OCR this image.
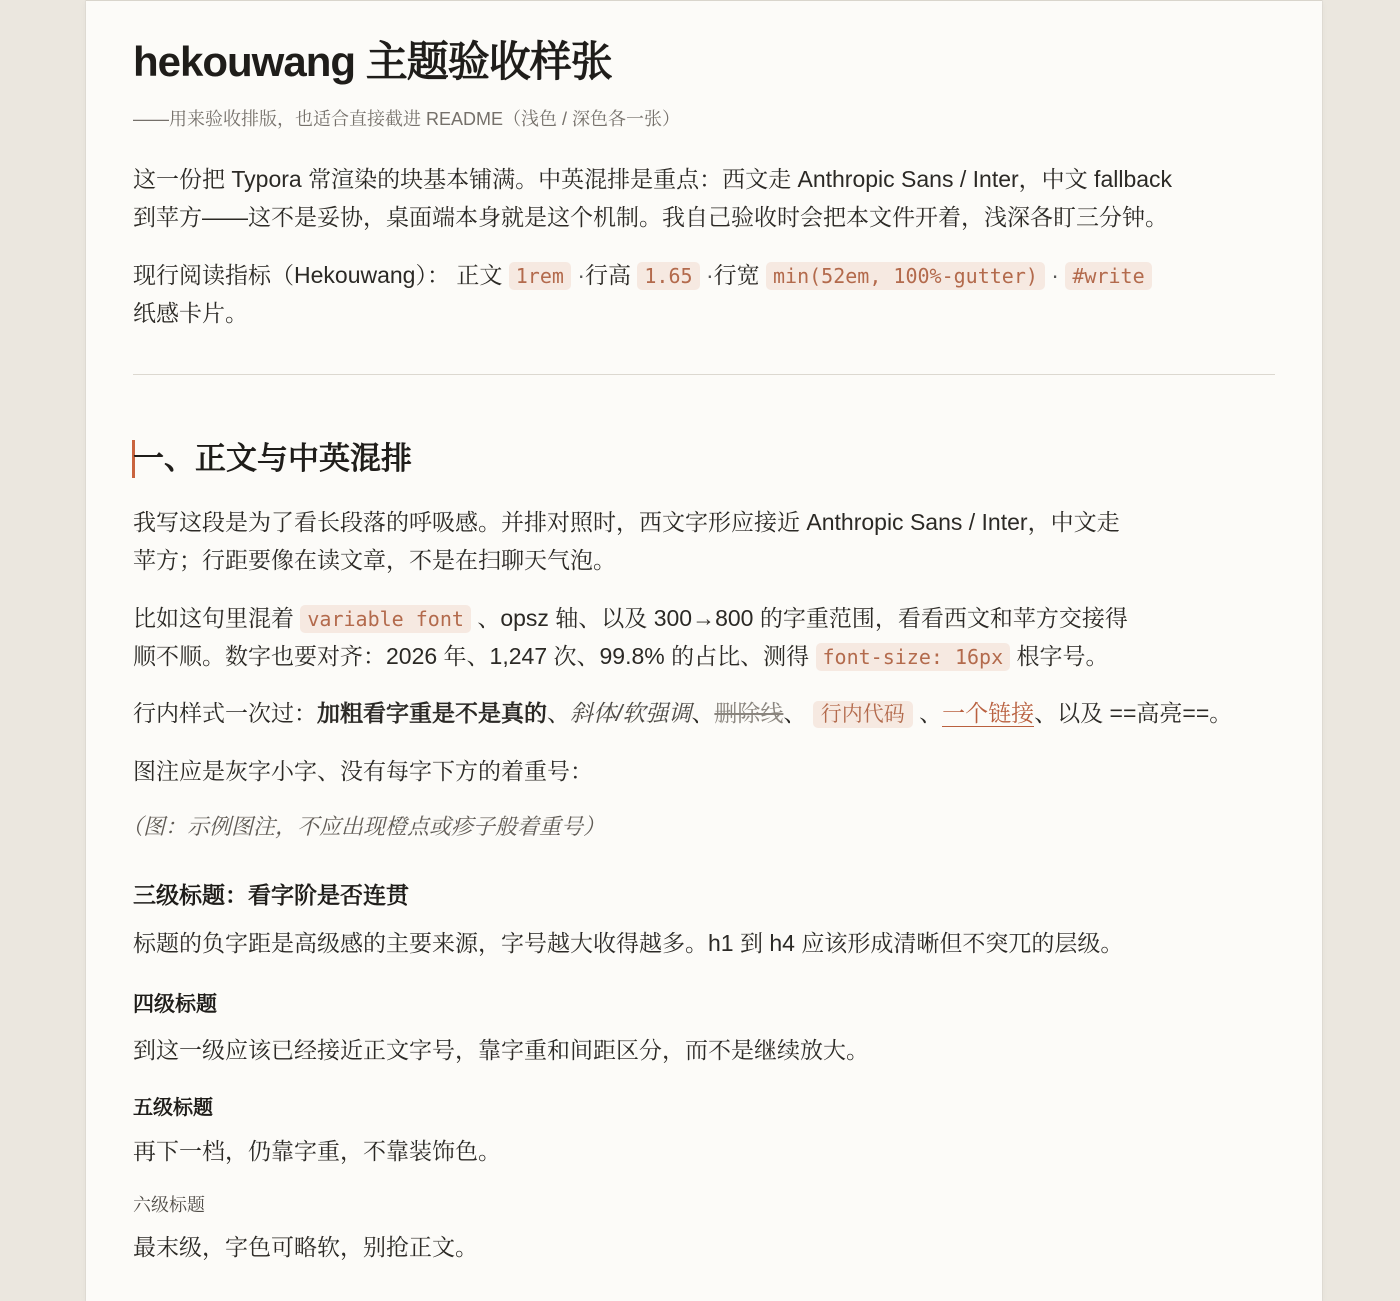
hekouwang 主题验收样张
——用来验收排版，也适合直接截进 README（浅色 / 深色各一张）
这一份把 Typora 常渲染的块基本铺满。中英混排是重点：西文走 Anthropic Sans / Inter，中文 fallback
到苹方——这不是妥协，桌面端本身就是这个机制。我自己验收时会把本文件开着，浅深各盯三分钟。
现行阅读指标（Hekouwang）： 正文 1rem ·行高 1.65 ·行宽 min(52em, 100%-gutter) · #write
纸感卡片。
一、正文与中英混排
我写这段是为了看长段落的呼吸感。并排对照时，西文字形应接近 Anthropic Sans / Inter，中文走
苹方；行距要像在读文章，不是在扫聊天气泡。
比如这句里混着 variable font 、opsz 轴、以及 300→800 的字重范围，看看西文和苹方交接得
顺不顺。数字也要对齐：2026 年、1,247 次、99.8% 的占比、测得 font-size: 16px 根字号。
行内样式一次过：加粗看字重是不是真的、斜体/软强调、删除线、 行内代码 、一个链接、以及 ==高亮==。
图注应是灰字小字、没有每字下方的着重号：
（图：示例图注，不应出现橙点或疹子般着重号）
三级标题：看字阶是否连贯
标题的负字距是高级感的主要来源，字号越大收得越多。h1 到 h4 应该形成清晰但不突兀的层级。
四级标题
到这一级应该已经接近正文字号，靠字重和间距区分，而不是继续放大。
五级标题
再下一档，仍靠字重，不靠装饰色。
六级标题
最末级，字色可略软，别抢正文。
